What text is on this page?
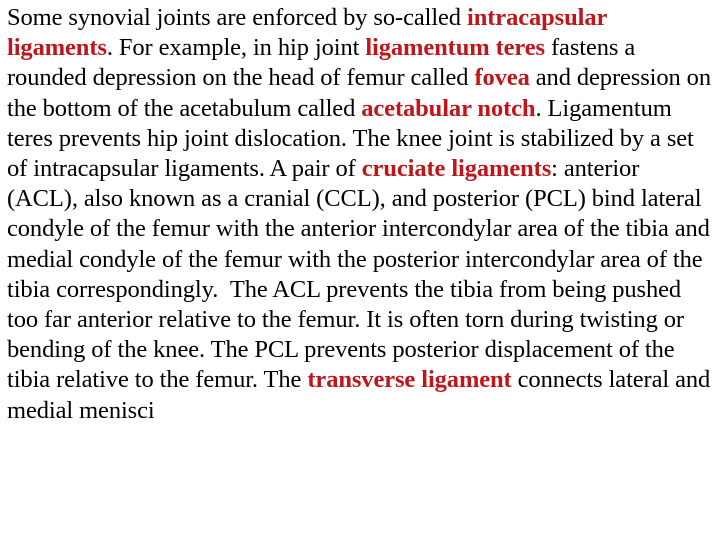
Some synovial joints are enforced by so-called intracapsular ligaments. For example, in hip joint ligamentum teres fastens a rounded depression on the head of femur called fovea and depression on the bottom of the acetabulum called acetabular notch. Ligamentum teres prevents hip joint dislocation. The knee joint is stabilized by a set of intracapsular ligaments. A pair of cruciate ligaments: anterior (ACL), also known as a cranial (CCL), and posterior (PCL) bind lateral condyle of the femur with the anterior intercondylar area of the tibia and medial condyle of the femur with the posterior intercondylar area of the tibia correspondingly.  The ACL prevents the tibia from being pushed too far anterior relative to the femur. It is often torn during twisting or bending of the knee. The PCL prevents posterior displacement of the tibia relative to the femur. The transverse ligament connects lateral and medial menisci
